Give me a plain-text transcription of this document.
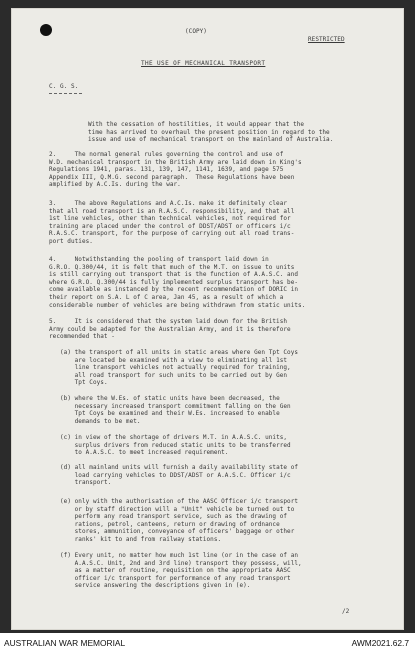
(COPY)

RESTRICTED

THE USE OF MECHANICAL TRANSPORT

C. G. S.

With the cessation of hostilities, it would appear that the
time has arrived to overhaul the present position in regard to the
issue and use of mechanical transport on the mainland of Australia.

2.     The normal general rules governing the control and use of
W.D. mechanical transport in the British Army are laid down in King's
Regulations 1941, paras. 131, 139, 147, 1141, 1639, and page 575
Appendix III, Q.M.G. second paragraph.  These Regulations have been
amplified by A.C.Is. during the war.

3.     The above Regulations and A.C.Is. make it definitely clear
that all road transport is an R.A.S.C. responsibility, and that all
1st line vehicles, other than technical vehicles, not required for
training are placed under the control of DDST/ADST or officers i/c
R.A.S.C. transport, for the purpose of carrying out all road trans-
port duties.

4.     Notwithstanding the pooling of transport laid down in
G.R.O. Q.300/44, it is felt that much of the M.T. on issue to units
is still carrying out transport that is the function of A.A.S.C. and
where G.R.O. Q.300/44 is fully implemented surplus transport has be-
come available as instanced by the recent recommendation of DORIC in
their report on S.A. L of C area, Jan 45, as a result of which a
considerable number of vehicles are being withdrawn from static units.

5.     It is considered that the system laid down for the British
Army could be adapted for the Australian Army, and it is therefore
recommended that -

(a) the transport of all units in static areas where Gen Tpt Coys
are located be examined with a view to eliminating all 1st
line transport vehicles not actually required for training,
all road transport for such units to be carried out by Gen
Tpt Coys.

(b) where the W.Es. of static units have been decreased, the
necessary increased transport commitment falling on the Gen
Tpt Coys be examined and their W.Es. increased to enable
demands to be met.

(c) in view of the shortage of drivers M.T. in A.A.S.C. units,
surplus drivers from reduced static units to be transferred
to A.A.S.C. to meet increased requirement.

(d) all mainland units will furnish a daily availability state of
load carrying vehicles to DDST/ADST or A.A.S.C. Officer i/c
transport.

(e) only with the authorisation of the AASC Officer i/c transport
or by staff direction will a "Unit" vehicle be turned out to
perform any road transport service, such as the drawing of
rations, petrol, canteens, return or drawing of ordnance
stores, ammunition, conveyance of officers' baggage or other
ranks' kit to and from railway stations.

(f) Every unit, no matter how much 1st line (or in the case of an
A.A.S.C. Unit, 2nd and 3rd line) transport they possess, will,
as a matter of routine, requisition on the appropriate AASC
officer i/c transport for performance of any road transport
service answering the descriptions given in (e).

/2

AUSTRALIAN WAR MEMORIAL	AWM2021.62.7
